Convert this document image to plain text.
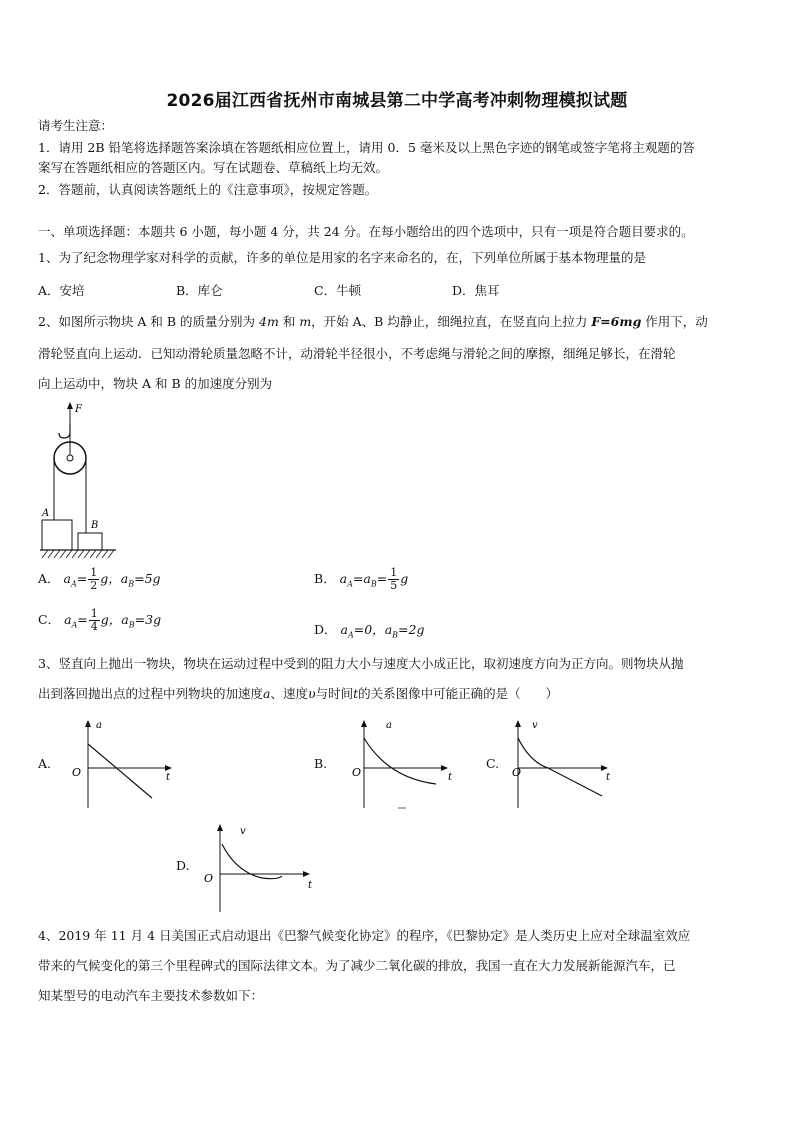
2026届江西省抚州市南城县第二中学高考冲刺物理模拟试题
请考生注意：
1．请用 2B 铅笔将选择题答案涂填在答题纸相应位置上，请用 0．5 毫米及以上黑色字迹的钢笔或签字笔将主观题的答
案写在答题纸相应的答题区内。写在试题卷、草稿纸上均无效。
2．答题前，认真阅读答题纸上的《注意事项》，按规定答题。
一、单项选择题：本题共 6 小题，每小题 4 分，共 24 分。在每小题给出的四个选项中，只有一项是符合题目要求的。
1、为了纪念物理学家对科学的贡献，许多的单位是用家的名字来命名的，在，下列单位所属于基本物理量的是
A．安培	B．库仑	C．牛顿	D．焦耳
2、如图所示物块 A 和 B 的质量分别为 4m 和 m，开始 A、B 均静止，细绳拉直，在竖直向上拉力 F=6mg 作用下，动
滑轮竖直向上运动．已知动滑轮质量忽略不计，动滑轮半径很小，不考虑绳与滑轮之间的摩擦，细绳足够长，在滑轮
向上运动中，物块 A 和 B 的加速度分别为
F
A
B
A． $a_A= \frac{1}{2}$ g，$a_B=5g$	B． $a_A=a_B= \frac{1}{5}$ g
C． $a_A= \frac{1}{4}$ g，$a_B=3g$
D． $a_A=0$，$a_B=2g$
3、竖直向上抛出一物块，物块在运动过程中受到的阻力大小与速度大小成正比，取初速度方向为正方向。则物块从抛
出到落回抛出点的过程中列物块的加速度a、速度υ与时间t的关系图像中可能正确的是（　　）
A.
a
t
O
B.
a
t
O
C.
v
t
O
D.
v
t
O
4、2019 年 11 月 4 日美国正式启动退出《巴黎气候变化协定》的程序，《巴黎协定》是人类历史上应对全球温室效应
带来的气候变化的第三个里程碑式的国际法律文本。为了减少二氧化碳的排放，我国一直在大力发展新能源汽车，已
知某型号的电动汽车主要技术参数如下：
